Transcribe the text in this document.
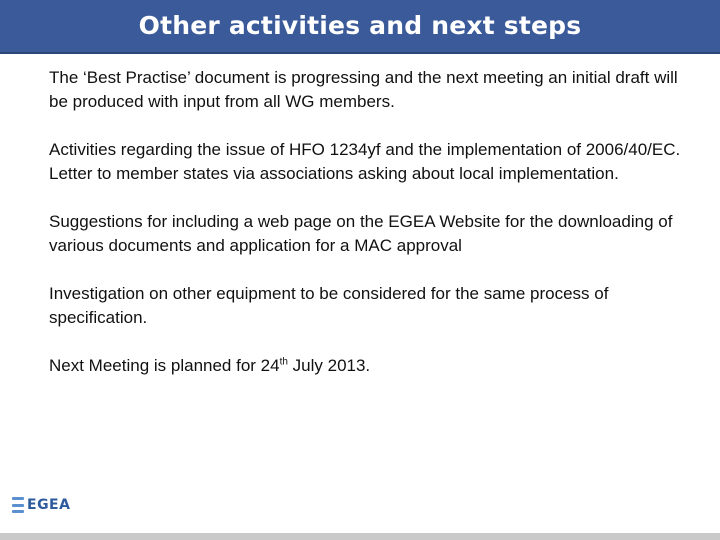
Other activities and next steps

The ‘Best Practise’ document is progressing and the next meeting an initial draft will be produced with input from all WG members.

Activities regarding the issue of HFO 1234yf and the implementation of 2006/40/EC. Letter to member states via associations asking about local implementation.

Suggestions for including a web page on the EGEA Website for the downloading of various documents and application for a MAC approval

Investigation on other equipment to be considered for the same process of specification.

Next Meeting is planned for 24th July 2013.

EGEA
